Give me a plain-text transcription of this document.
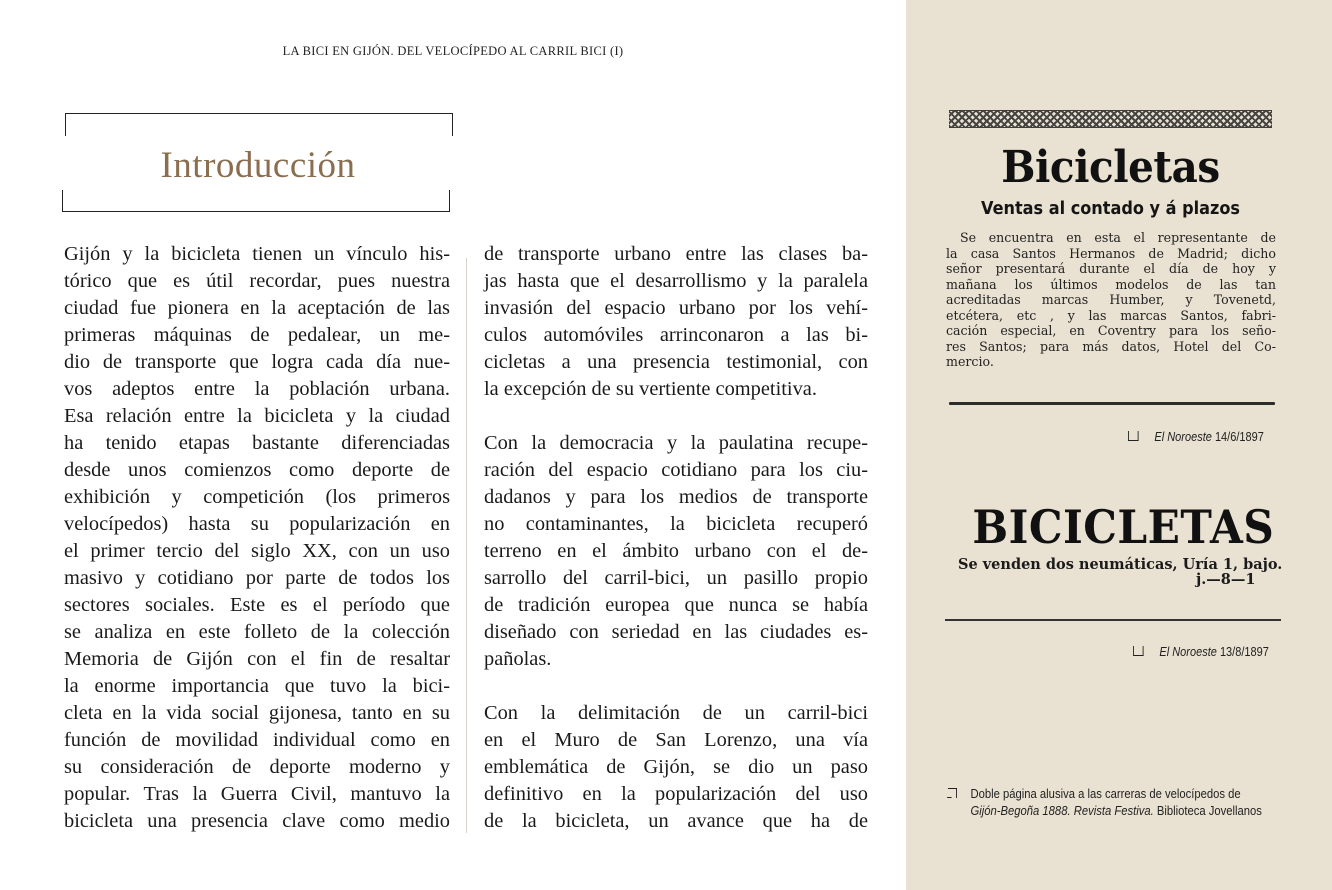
LA BICI EN GIJÓN. DEL VELOCÍPEDO AL CARRIL BICI (I)
Introducción
Gijón y la bicicleta tienen un vínculo his-
tórico que es útil recordar, pues nuestra
ciudad fue pionera en la aceptación de las
primeras máquinas de pedalear, un me-
dio de transporte que logra cada día nue-
vos adeptos entre la población urbana.
Esa relación entre la bicicleta y la ciudad
ha tenido etapas bastante diferenciadas
desde unos comienzos como deporte de
exhibición y competición (los primeros
velocípedos) hasta su popularización en
el primer tercio del siglo XX, con un uso
masivo y cotidiano por parte de todos los
sectores sociales. Este es el período que
se analiza en este folleto de la colección
Memoria de Gijón con el fin de resaltar
la enorme importancia que tuvo la bici-
cleta en la vida social gijonesa, tanto en su
función de movilidad individual como en
su consideración de deporte moderno y
popular. Tras la Guerra Civil, mantuvo la
bicicleta una presencia clave como medio

de transporte urbano entre las clases ba-
jas hasta que el desarrollismo y la paralela
invasión del espacio urbano por los vehí-
culos automóviles arrinconaron a las bi-
cicletas a una presencia testimonial, con
la excepción de su vertiente competitiva.

Con la democracia y la paulatina recupe-
ración del espacio cotidiano para los ciu-
dadanos y para los medios de transporte
no contaminantes, la bicicleta recuperó
terreno en el ámbito urbano con el de-
sarrollo del carril-bici, un pasillo propio
de tradición europea que nunca se había
diseñado con seriedad en las ciudades es-
pañolas.

Con la delimitación de un carril-bici
en el Muro de San Lorenzo, una vía
emblemática de Gijón, se dio un paso
definitivo en la popularización del uso
de la bicicleta, un avance que ha de

Bicicletas
Ventas al contado y á plazos
Se encuentra en esta el representante de
la casa Santos Hermanos de Madrid; dicho
señor presentará durante el día de hoy y
mañana los últimos modelos de las tan
acreditadas marcas Humber, y Tovenetd,
etcétera, etc , y las marcas Santos, fabri-
cación especial, en Coventry para los seño-
res Santos; para más datos, Hotel del Co-
mercio.
El Noroeste 14/6/1897
BICICLETAS
Se venden dos neumáticas, Uría 1, bajo.
j.—8—1
El Noroeste 13/8/1897
Doble página alusiva a las carreras de velocípedos de
Gijón-Begoña 1888. Revista Festiva. Biblioteca Jovellanos
